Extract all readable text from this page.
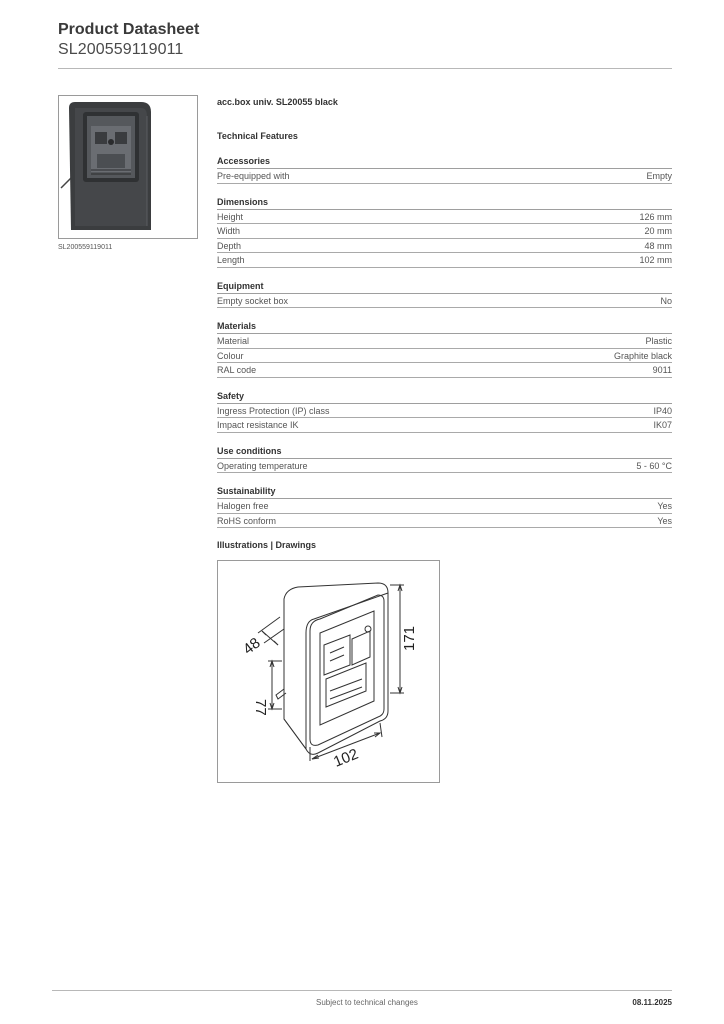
Product Datasheet
SL200559119011
SL200559119011
acc.box univ. SL20055 black
Technical Features
Accessories
Pre-equipped with	Empty
Dimensions
Height	126 mm
Width	20 mm
Depth	48 mm
Length	102 mm
Equipment
Empty socket box	No
Materials
Material	Plastic
Colour	Graphite black
RAL code	9011
Safety
Ingress Protection (IP) class	IP40
Impact resistance IK	IK07
Use conditions
Operating temperature	5 - 60 °C
Sustainability
Halogen free	Yes
RoHS conform	Yes
Illustrations | Drawings
48	171
77
102
Subject to technical changes	08.11.2025
